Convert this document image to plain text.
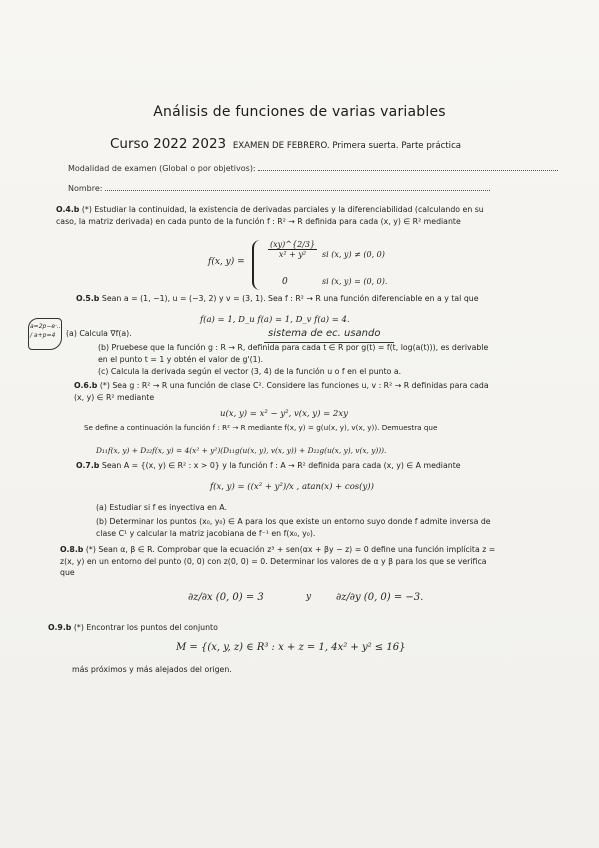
Análisis de funciones de varias variables
Curso 2022 2023 EXAMEN DE FEBRERO. Primera suerta. Parte práctica
Modalidad de examen (Global o por objetivos):
Nombre:
O.4.b (*) Estudiar la continuidad, la existencia de derivadas parciales y la diferenciabilidad (calculando en su caso, la matriz derivada) en cada punto de la función f : R² → R definida para cada (x, y) ∈ R² mediante
f(x, y) =
$\frac{(xy)\^{}\{2/3\}}{\text{x² + y²}}$ si (x, y) ≠ (0, 0)
0	si (x, y) = (0, 0).
O.5.b Sean a = (1, −1), u = (−3, 2) y v = (3, 1). Sea f : R² → R una función diferenciable en a y tal que
f(a) = 1, D_u f(a) = 1, D_v f(a) = 4.
sistema de ec. usando
a=2p−e·... / a+p=4	(a) Calcula ∇f(a).
(b) Pruebese que la función g : R → R, definida para cada t ∈ R por g(t) = f(t, log(a(t))), es derivable en el punto t = 1 y obtén el valor de g'(1).
(c) Calcula la derivada según el vector (3, 4) de la función u o f en el punto a.
O.6.b (*) Sea g : R² → R una función de clase C². Considere las funciones u, v : R² → R definidas para cada (x, y) ∈ R² mediante
u(x, y) = x² − y², v(x, y) = 2xy
Se define a continuación la función f : R² → R mediante f(x, y) = g(u(x, y), v(x, y)). Demuestra que
D₁₁f(x, y) + D₂₂f(x, y) = 4(x² + y²)(D₁₁g(u(x, y), v(x, y)) + D₂₂g(u(x, y), v(x, y))).
O.7.b Sean A = {(x, y) ∈ R² : x > 0} y la función f : A → R² definida para cada (x, y) ∈ A mediante
f(x, y) = ((x² + y²)/x , atan(x) + cos(y))
(a) Estudiar si f es inyectiva en A.
(b) Determinar los puntos (x₀, y₀) ∈ A para los que existe un entorno suyo donde f admite inversa de clase C¹ y calcular la matriz jacobiana de f⁻¹ en f(x₀, y₀).
O.8.b (*) Sean α, β ∈ R. Comprobar que la ecuación z³ + sen(αx + βy − z) = 0 define una función implícita z = z(x, y) en un entorno del punto (0, 0) con z(0, 0) = 0. Determinar los valores de α y β para los que se verifica que
∂z/∂x (0, 0) = 3	y ∂z/∂y (0, 0) = −3.
O.9.b (*) Encontrar los puntos del conjunto
M = {(x, y, z) ∈ R³ : x + z = 1, 4x² + y² ≤ 16}
más próximos y más alejados del origen.
